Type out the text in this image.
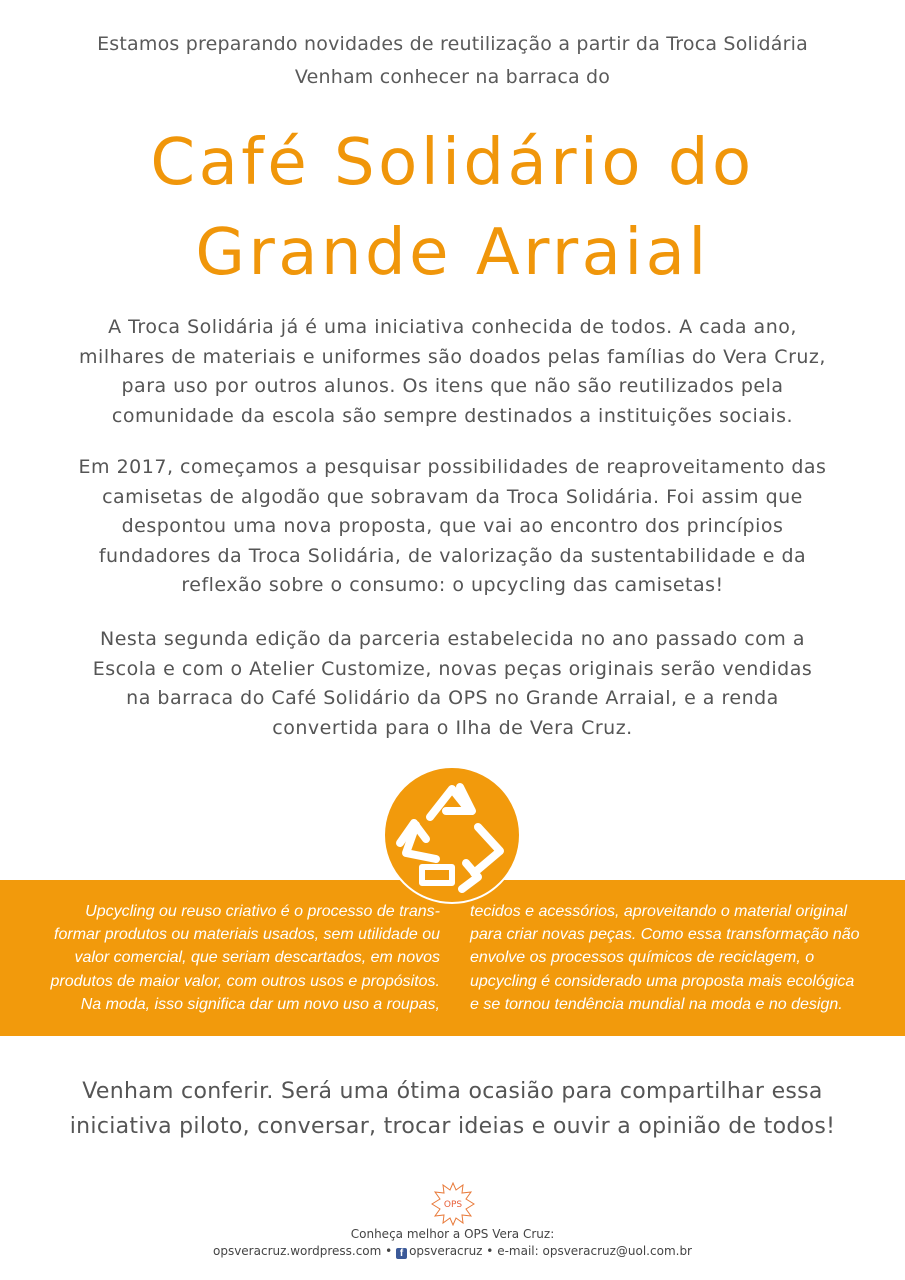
Estamos preparando novidades de reutilização a partir da Troca Solidária
Venham conhecer na barraca do
Café Solidário do
Grande Arraial
A Troca Solidária já é uma iniciativa conhecida de todos. A cada ano,
milhares de materiais e uniformes são doados pelas famílias do Vera Cruz,
para uso por outros alunos. Os itens que não são reutilizados pela
comunidade da escola são sempre destinados a instituições sociais.
Em 2017, começamos a pesquisar possibilidades de reaproveitamento das
camisetas de algodão que sobravam da Troca Solidária. Foi assim que
despontou uma nova proposta, que vai ao encontro dos princípios
fundadores da Troca Solidária, de valorização da sustentabilidade e da
reflexão sobre o consumo: o upcycling das camisetas!
Nesta segunda edição da parceria estabelecida no ano passado com a
Escola e com o Atelier Customize, novas peças originais serão vendidas
na barraca do Café Solidário da OPS no Grande Arraial, e a renda
convertida para o Ilha de Vera Cruz.
Upcycling ou reuso criativo é o processo de trans-
formar produtos ou materiais usados, sem utilidade ou
valor comercial, que seriam descartados, em novos
produtos de maior valor, com outros usos e propósitos.
Na moda, isso significa dar um novo uso a roupas,
tecidos e acessórios, aproveitando o material original
para criar novas peças. Como essa transformação não
envolve os processos químicos de reciclagem, o
upcycling é considerado uma proposta mais ecológica
e se tornou tendência mundial na moda e no design.
Venham conferir. Será uma ótima ocasião para compartilhar essa
iniciativa piloto, conversar, trocar ideias e ouvir a opinião de todos!
OPS
Conheça melhor a OPS Vera Cruz:
opsveracruz.wordpress.com • f opsveracruz • e-mail: opsveracruz@uol.com.br
